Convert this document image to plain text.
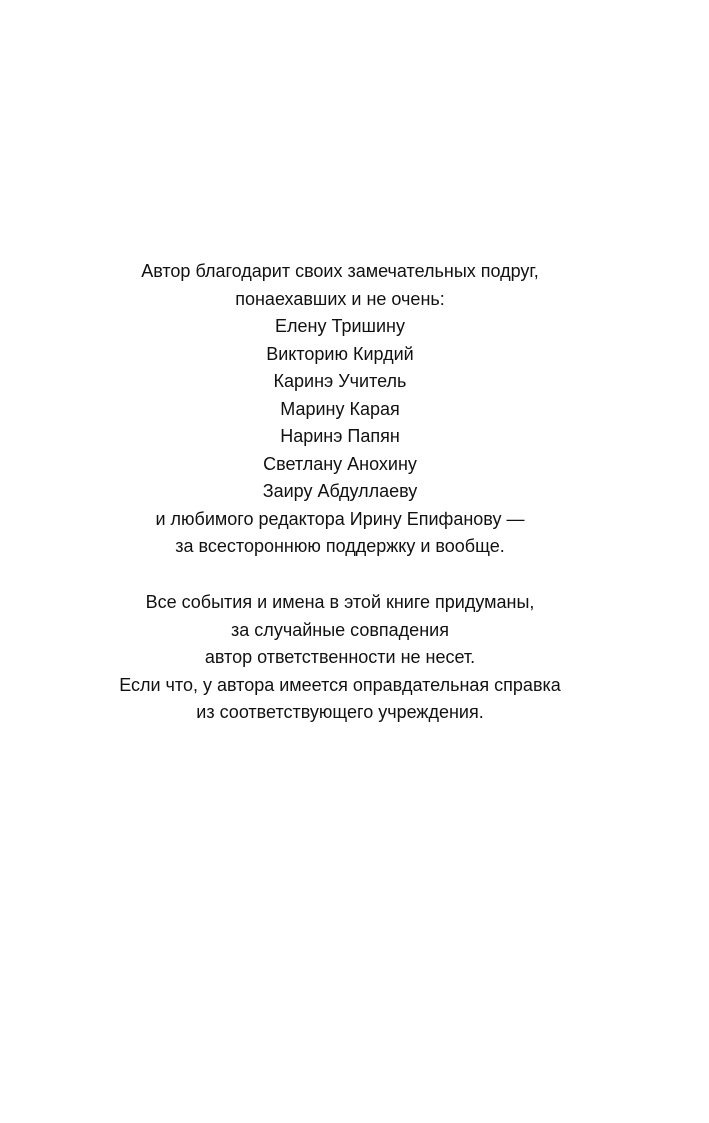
Автор благодарит своих замечательных подруг,
понаехавших и не очень:
Елену Тришину
Викторию Кирдий
Каринэ Учитель
Марину Карая
Наринэ Папян
Светлану Анохину
Заиру Абдуллаеву
и любимого редактора Ирину Епифанову —
за всестороннюю поддержку и вообще.
Все события и имена в этой книге придуманы,
за случайные совпадения
автор ответственности не несет.
Если что, у автора имеется оправдательная справка
из соответствующего учреждения.
